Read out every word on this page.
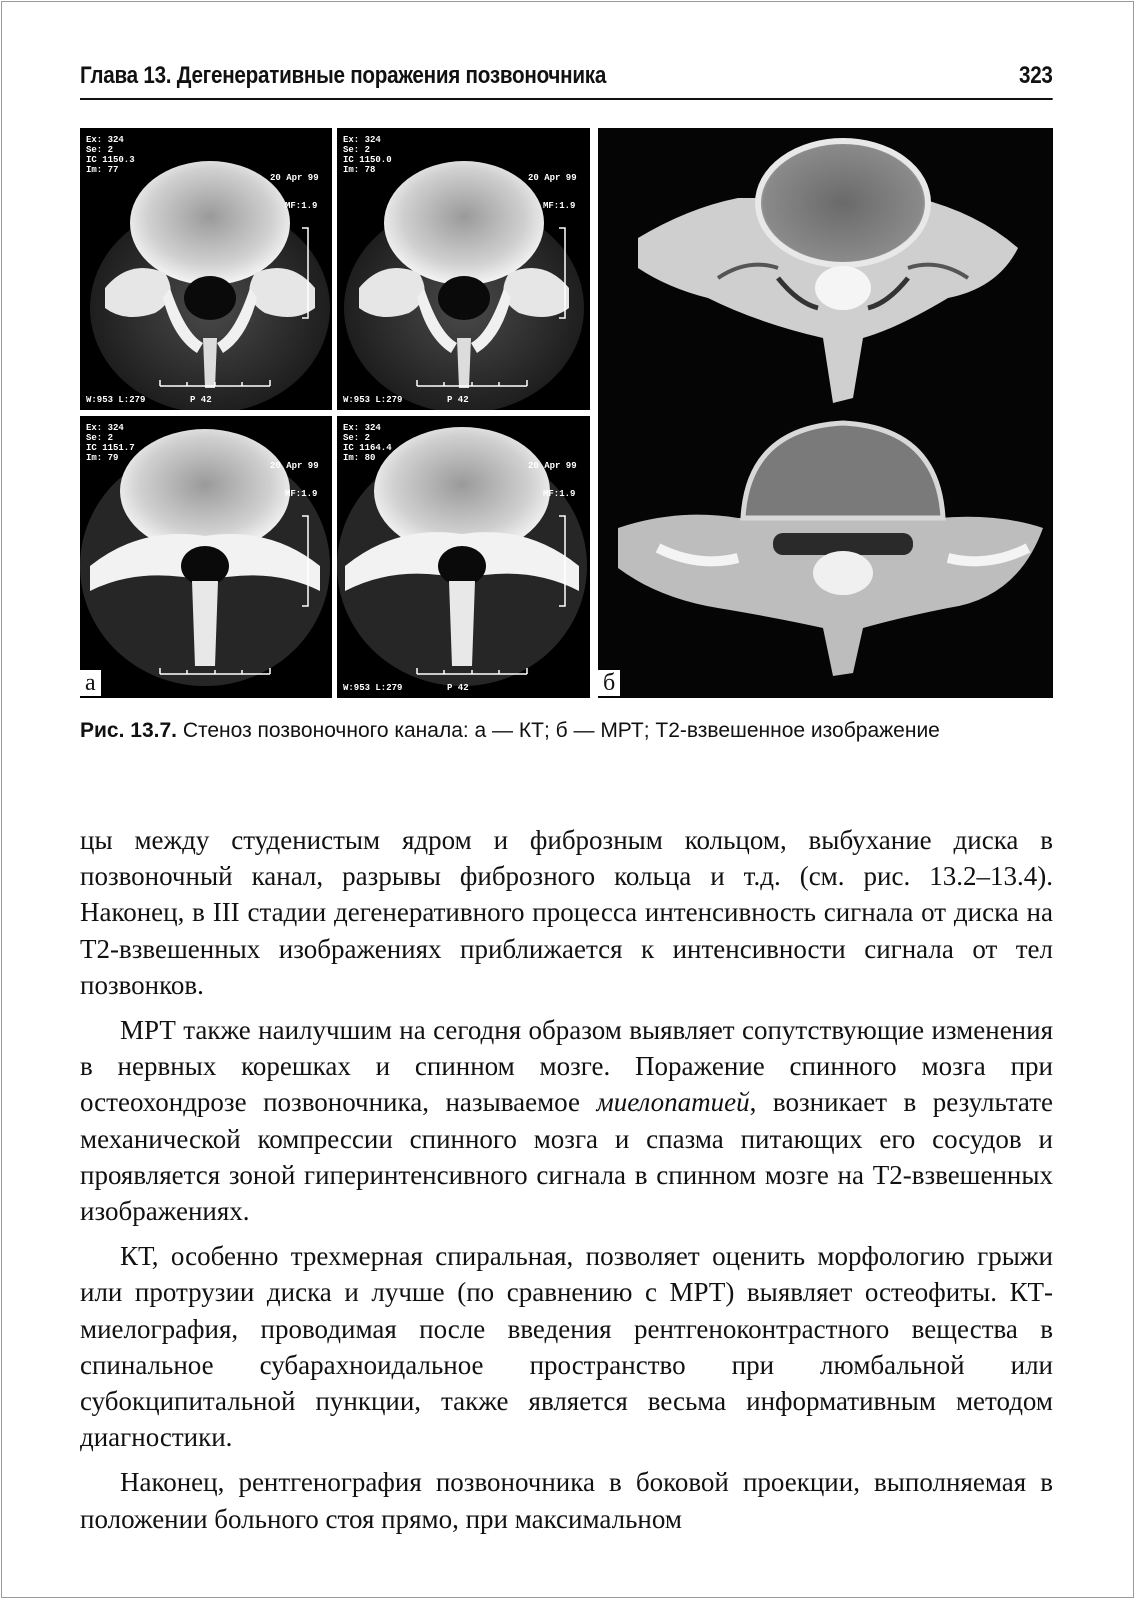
Глава 13. Дегенеративные поражения позвоночника	323
Ex: 324
Se: 2
IC 1150.3
Im: 77
20 Apr 99
MF:1.9
W:953 L:279	P 42
Ex: 324
Se: 2
IC 1150.0
Im: 78
20 Apr 99
MF:1.9
W:953 L:279	P 42
Ex: 324
Se: 2
IC 1151.7
Im: 79
20 Apr 99
MF:1.9
Ex: 324
Se: 2
IC 1164.4
Im: 80
20 Apr 99
MF:1.9
W:953 L:279	P 42
а	б
Рис. 13.7. Стеноз позвоночного канала: а — КТ; б — МРТ; Т2-взвешенное изображение

цы между студенистым ядром и фиброзным кольцом, выбухание диска в позвоночный канал, разрывы фиброзного кольца и т.д. (см. рис. 13.2–13.4). Наконец, в III стадии дегенеративного процесса интенсивность сигнала от диска на Т2-взвешенных изображениях приближается к интенсивности сигнала от тел позвонков.

МРТ также наилучшим на сегодня образом выявляет сопутствующие изменения в нервных корешках и спинном мозге. Поражение спинного мозга при остеохондрозе позвоночника, называемое миелопатией, возникает в результате механической компрессии спинного мозга и спазма питающих его сосудов и проявляется зоной гиперинтенсивного сигнала в спинном мозге на Т2-взвешенных изображениях.

КТ, особенно трехмерная спиральная, позволяет оценить морфологию грыжи или протрузии диска и лучше (по сравнению с МРТ) выявляет остеофиты. КТ-миелография, проводимая после введения рентгеноконтрастного вещества в спинальное субарахноидальное пространство при люмбальной или субокципитальной пункции, также является весьма информативным методом диагностики.

Наконец, рентгенография позвоночника в боковой проекции, выполняемая в положении больного стоя прямо, при максимальном
